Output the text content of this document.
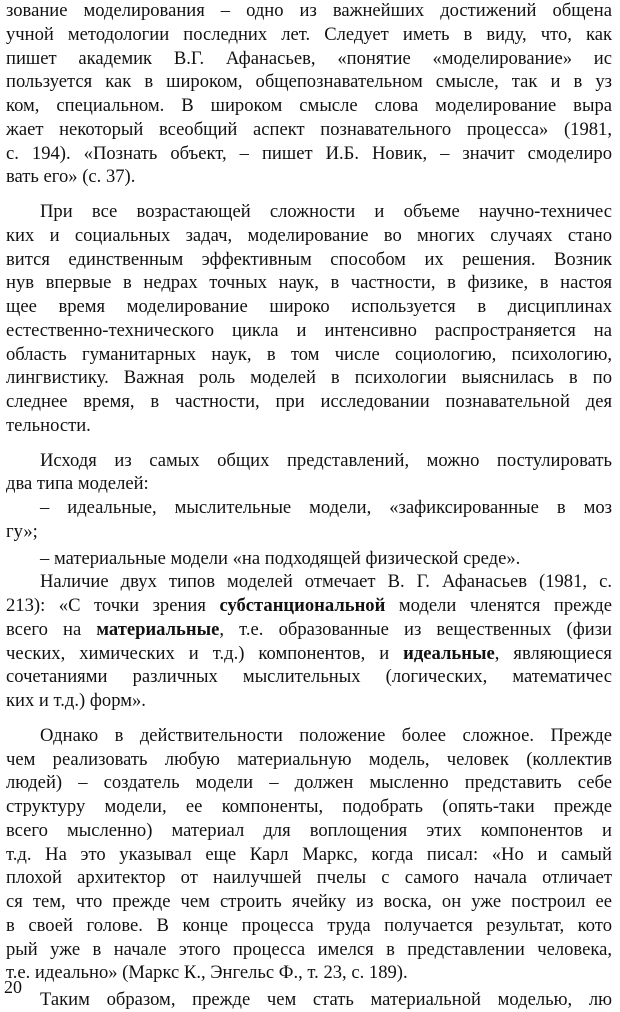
зование моделирования – одно из важнейших достижений общена
учной методологии последних лет. Следует иметь в виду, что, как
пишет академик В.Г. Афанасьев, «понятие «моделирование» ис
пользуется как в широком, общепознавательном смысле, так и в уз
ком, специальном. В широком смысле слова моделирование выра
жает некоторый всеобщий аспект познавательного процесса» (1981,
с. 194). «Познать объект, – пишет И.Б. Новик, – значит смоделиро
вать его» (с. 37).
При все возрастающей сложности и объеме научно-техничес
ких и социальных задач, моделирование во многих случаях стано
вится единственным эффективным способом их решения. Возник
нув впервые в недрах точных наук, в частности, в физике, в настоя
щее время моделирование широко используется в дисциплинах
естественно-технического цикла и интенсивно распространяется на
область гуманитарных наук, в том числе социологию, психологию,
лингвистику. Важная роль моделей в психологии выяснилась в по
следнее время, в частности, при исследовании познавательной дея
тельности.
Исходя из самых общих представлений, можно постулировать
два типа моделей:
– идеальные, мыслительные модели, «зафиксированные в моз
гу»;
– материальные модели «на подходящей физической среде».
Наличие двух типов моделей отмечает В. Г. Афанасьев (1981, с.
213): «С точки зрения субстанциональной модели членятся прежде
всего на материальные, т.е. образованные из вещественных (физи
ческих, химических и т.д.) компонентов, и идеальные, являющиеся
сочетаниями различных мыслительных (логических, математичес
ких и т.д.) форм».
Однако в действительности положение более сложное. Прежде
чем реализовать любую материальную модель, человек (коллектив
людей) – создатель модели – должен мысленно представить себе
структуру модели, ее компоненты, подобрать (опять-таки прежде
всего мысленно) материал для воплощения этих компонентов и
т.д. На это указывал еще Карл Маркс, когда писал: «Но и самый
плохой архитектор от наилучшей пчелы с самого начала отличает
ся тем, что прежде чем строить ячейку из воска, он уже построил ее
в своей голове. В конце процесса труда получается результат, кото
рый уже в начале этого процесса имелся в представлении человека,
т.е. идеально» (Маркс К., Энгельс Ф., т. 23, с. 189).
Таким образом, прежде чем стать материальной моделью, лю
20
